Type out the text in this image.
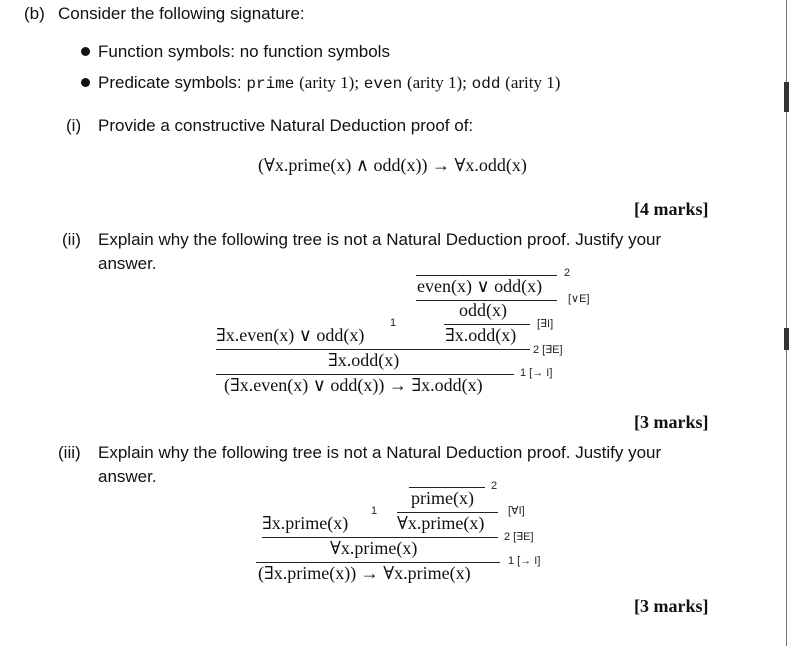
(b) Consider the following signature:
Function symbols: no function symbols
Predicate symbols: prime (arity 1); even (arity 1); odd (arity 1)
(i) Provide a constructive Natural Deduction proof of:
(∀x.prime(x) ∧ odd(x)) → ∀x.odd(x)
[4 marks]
(ii) Explain why the following tree is not a Natural Deduction proof. Justify your
answer.	2
even(x) ∨ odd(x)
[∨E]
odd(x)
[∃I]
∃x.odd(x)
∃x.even(x) ∨ odd(x)
1
2 [∃E]
∃x.odd(x)
1 [→ I]
(∃x.even(x) ∨ odd(x)) → ∃x.odd(x)
[3 marks]
(iii) Explain why the following tree is not a Natural Deduction proof. Justify your
answer.	2
prime(x)
[∀I]
∀x.prime(x)
∃x.prime(x)
1
2 [∃E]
∀x.prime(x)
1 [→ I]
(∃x.prime(x)) → ∀x.prime(x)
[3 marks]
